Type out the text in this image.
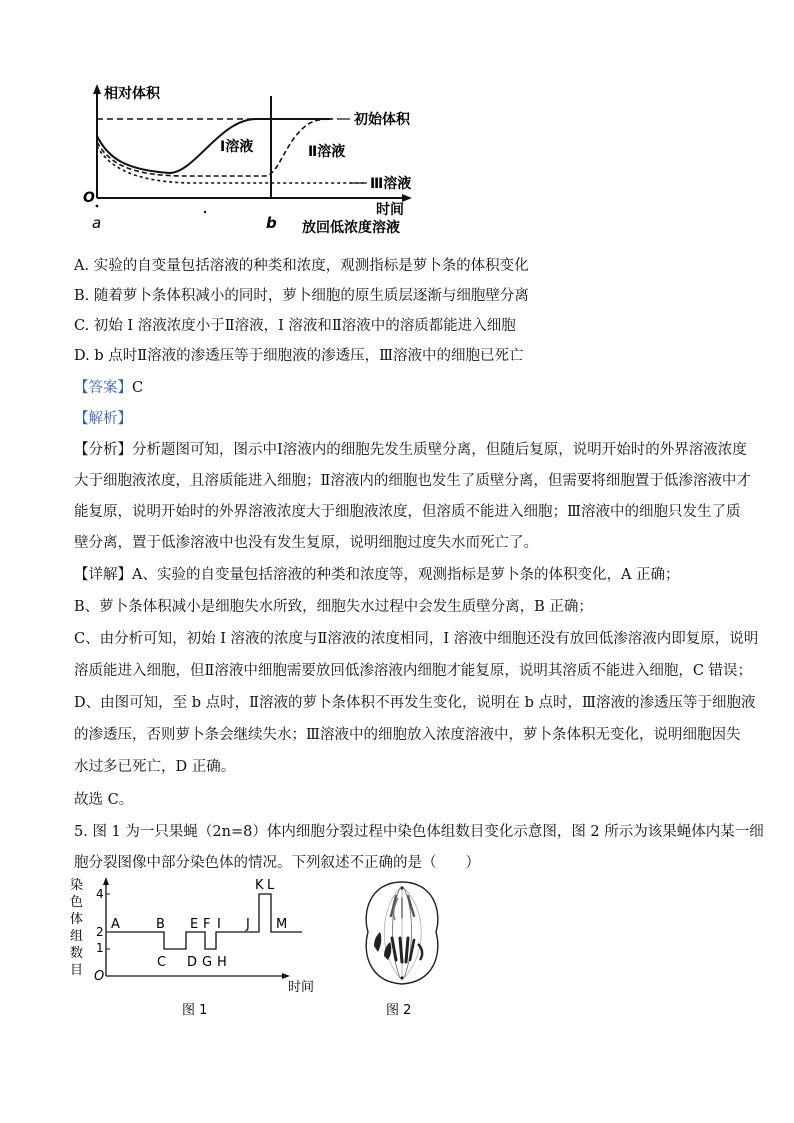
相对体积
O
a	b
时间
放回低浓度溶液
初始体积
Ⅰ溶液	Ⅱ溶液
Ⅲ溶液
A. 实验的自变量包括溶液的种类和浓度，观测指标是萝卜条的体积变化
B. 随着萝卜条体积减小的同时，萝卜细胞的原生质层逐渐与细胞壁分离
C. 初始 I 溶液浓度小于Ⅱ溶液，I 溶液和Ⅱ溶液中的溶质都能进入细胞
D. b 点时Ⅱ溶液的渗透压等于细胞液的渗透压，Ⅲ溶液中的细胞已死亡
【答案】C
【解析】
【分析】分析题图可知，图示中Ⅰ溶液内的细胞先发生质壁分离，但随后复原，说明开始时的外界溶液浓度
大于细胞液浓度，且溶质能进入细胞；Ⅱ溶液内的细胞也发生了质壁分离，但需要将细胞置于低渗溶液中才
能复原，说明开始时的外界溶液浓度大于细胞液浓度，但溶质不能进入细胞；Ⅲ溶液中的细胞只发生了质
壁分离，置于低渗溶液中也没有发生复原，说明细胞过度失水而死亡了。
【详解】A、实验的自变量包括溶液的种类和浓度等，观测指标是萝卜条的体积变化，A 正确；
B、萝卜条体积减小是细胞失水所致，细胞失水过程中会发生质壁分离，B 正确；
C、由分析可知，初始 I 溶液的浓度与Ⅱ溶液的浓度相同，I 溶液中细胞还没有放回低渗溶液内即复原，说明
溶质能进入细胞，但Ⅱ溶液中细胞需要放回低渗溶液内细胞才能复原，说明其溶质不能进入细胞，C 错误；
D、由图可知，至 b 点时，Ⅱ溶液的萝卜条体积不再发生变化，说明在 b 点时，Ⅲ溶液的渗透压等于细胞液
的渗透压，否则萝卜条会继续失水；Ⅲ溶液中的细胞放入浓度溶液中，萝卜条体积无变化，说明细胞因失
水过多已死亡，D 正确。
故选 C。
5. 图 1 为一只果蝇（2n=8）体内细胞分裂过程中染色体组数目变化示意图，图 2 所示为该果蝇体内某一细
胞分裂图像中部分染色体的情况。下列叙述不正确的是（　　）
染
色
体
组
数
目
4
2
1
A	B
C D
E F
G H
I J
K L
M
O
时间
图 1	图 2
